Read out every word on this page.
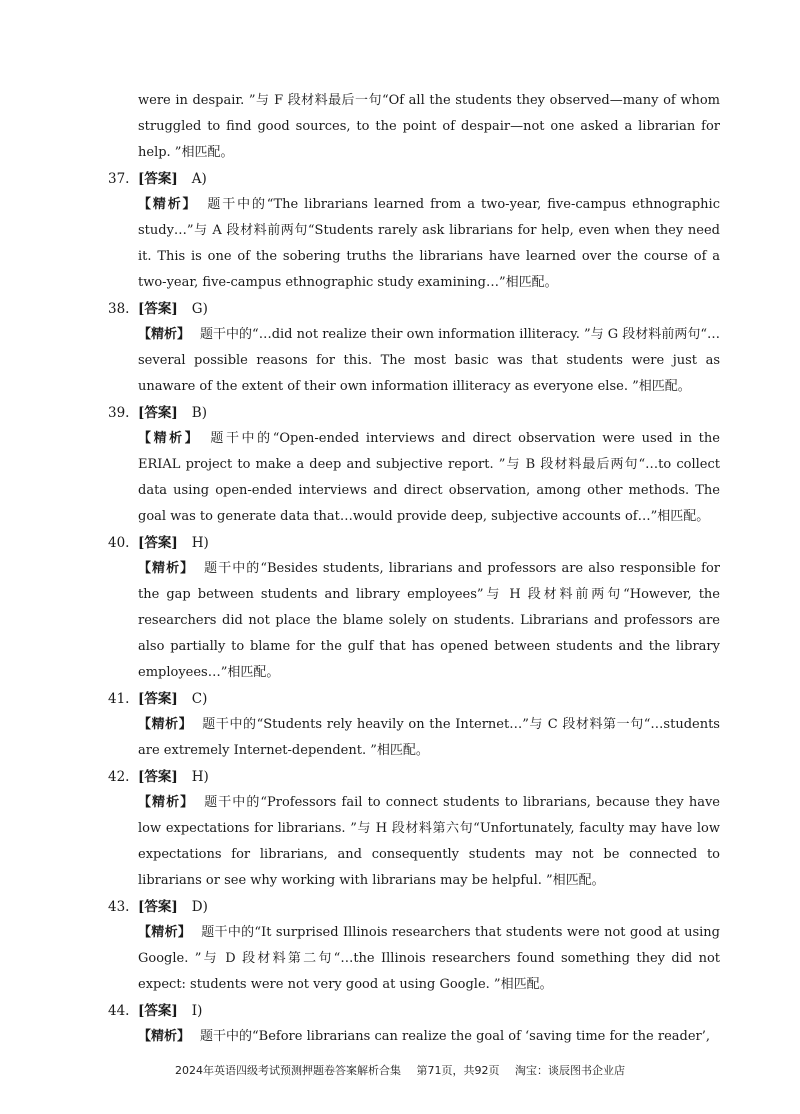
were in despair. ”与 F 段材料最后一句“Of all the students they observed—many of whom struggled to find good sources, to the point of despair—not one asked a librarian for help. ”相匹配。
37. [答案] A)
【精析】 题干中的“The librarians learned from a two-year, five-campus ethnographic study…”与 A 段材料前两句“Students rarely ask librarians for help, even when they need it. This is one of the sobering truths the librarians have learned over the course of a two-year, five-campus ethnographic study examining…”相匹配。
38. [答案] G)
【精析】 题干中的“…did not realize their own information illiteracy. ”与 G 段材料前两句“…several possible reasons for this. The most basic was that students were just as unaware of the extent of their own information illiteracy as everyone else. ”相匹配。
39. [答案] B)
【精析】 题干中的“Open-ended interviews and direct observation were used in the ERIAL project to make a deep and subjective report. ”与 B 段材料最后两句“…to collect data using open-ended interviews and direct observation, among other methods. The goal was to generate data that…would provide deep, subjective accounts of…”相匹配。
40. [答案] H)
【精析】 题干中的“Besides students, librarians and professors are also responsible for the gap between students and library employees”与 H 段材料前两句“However, the researchers did not place the blame solely on students. Librarians and professors are also partially to blame for the gulf that has opened between students and the library employees…”相匹配。
41. [答案] C)
【精析】 题干中的“Students rely heavily on the Internet…”与 C 段材料第一句“…students are extremely Internet-dependent. ”相匹配。
42. [答案] H)
【精析】 题干中的“Professors fail to connect students to librarians, because they have low expectations for librarians. ”与 H 段材料第六句“Unfortunately, faculty may have low expectations for librarians, and consequently students may not be connected to librarians or see why working with librarians may be helpful. ”相匹配。
43. [答案] D)
【精析】 题干中的“It surprised Illinois researchers that students were not good at using Google. ”与 D 段材料第二句“…the Illinois researchers found something they did not expect: students were not very good at using Google. ”相匹配。
44. [答案] I)
【精析】 题干中的“Before librarians can realize the goal of ‘saving time for the reader’,
2024年英语四级考试预测押题卷答案解析合集 第71页，共92页 淘宝：谈辰图书企业店
